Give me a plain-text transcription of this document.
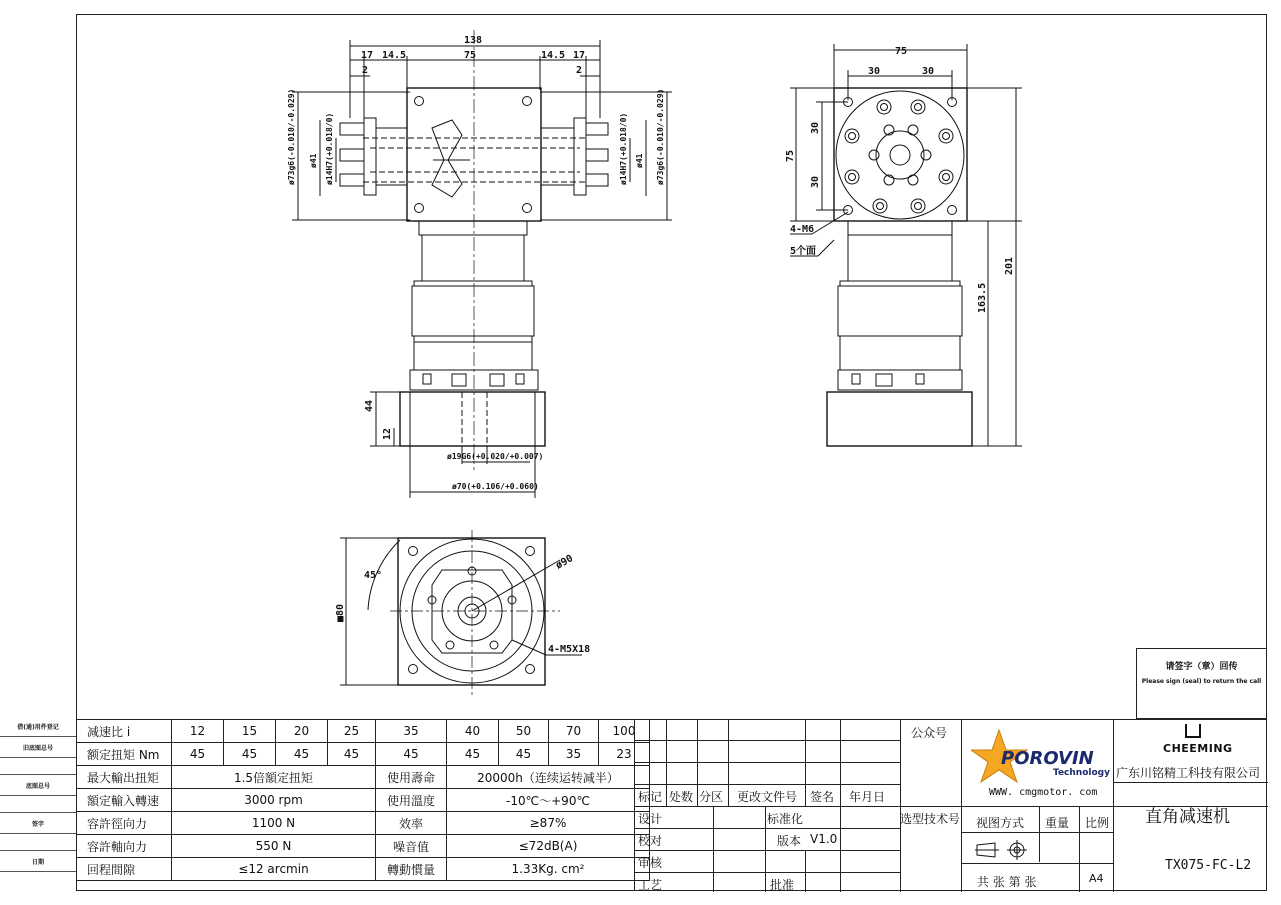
138
17 14.5	75	14.5 17
2	2
ø73g6(-0.010/-0.029) ø41 ø14H7(+0.018/0)	ø73g6(-0.010/-0.029)
ø41
ø14H7(+0.018/0)
44
12
ø19G6(+0.020/+0.007)
ø70(+0.106/+0.060)
75
30	30
75
30
30
4-M6
5个面
201
163.5
45°
■80
ø90
4-M5X18
请签字（章）回传
Please sign (seal) to return the call
借(通)用件登记
旧底图总号
底图总号
签字
日期
减速比 i	12	15	20	25	35	40	50	70	100
额定扭矩 Nm	45	45	45	45	45	45	45	35	23
最大輸出扭矩	1.5倍額定扭矩				使用壽命	20000h（连续运转减半）			
額定輸入轉速	3000 rpm				使用溫度	-10℃～+90℃			
容許徑向力	1100 N				效率	≥87%			
容許軸向力	550 N				噪音值	≤72dB(A)			
回程間隙	≤12 arcmin				轉動慣量	1.33Kg. cm²			
标记 处数 分区 更改文件号 签名 年月日
设计	标准化
校对	版本 V1.0
审核
工艺	批准
公众号
选型技术号
POROVIN
Technology
WWW. cmgmotor. com
CHEEMING
广东川铭精工科技有限公司
直角减速机
视图方式 重量 比例
共 张 第 张	A4
TX075-FC-L2
